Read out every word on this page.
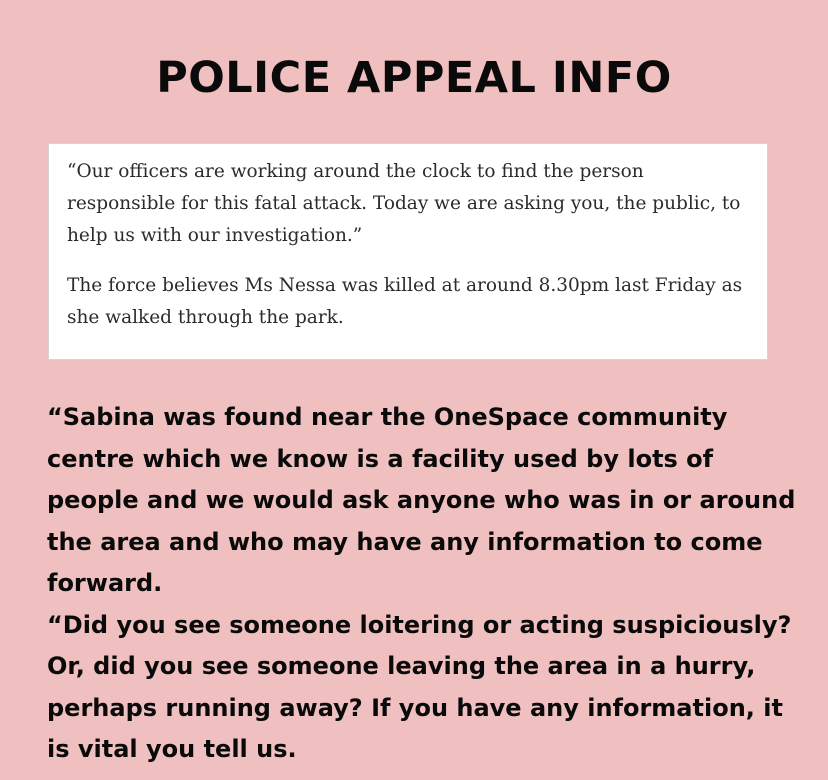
POLICE APPEAL INFO

“Our officers are working around the clock to find the person responsible for this fatal attack. Today we are asking you, the public, to help us with our investigation.”

The force believes Ms Nessa was killed at around 8.30pm last Friday as she walked through the park.

“Sabina was found near the OneSpace community centre which we know is a facility used by lots of people and we would ask anyone who was in or around the area and who may have any information to come forward.

“Did you see someone loitering or acting suspiciously? Or, did you see someone leaving the area in a hurry, perhaps running away? If you have any information, it is vital you tell us.
